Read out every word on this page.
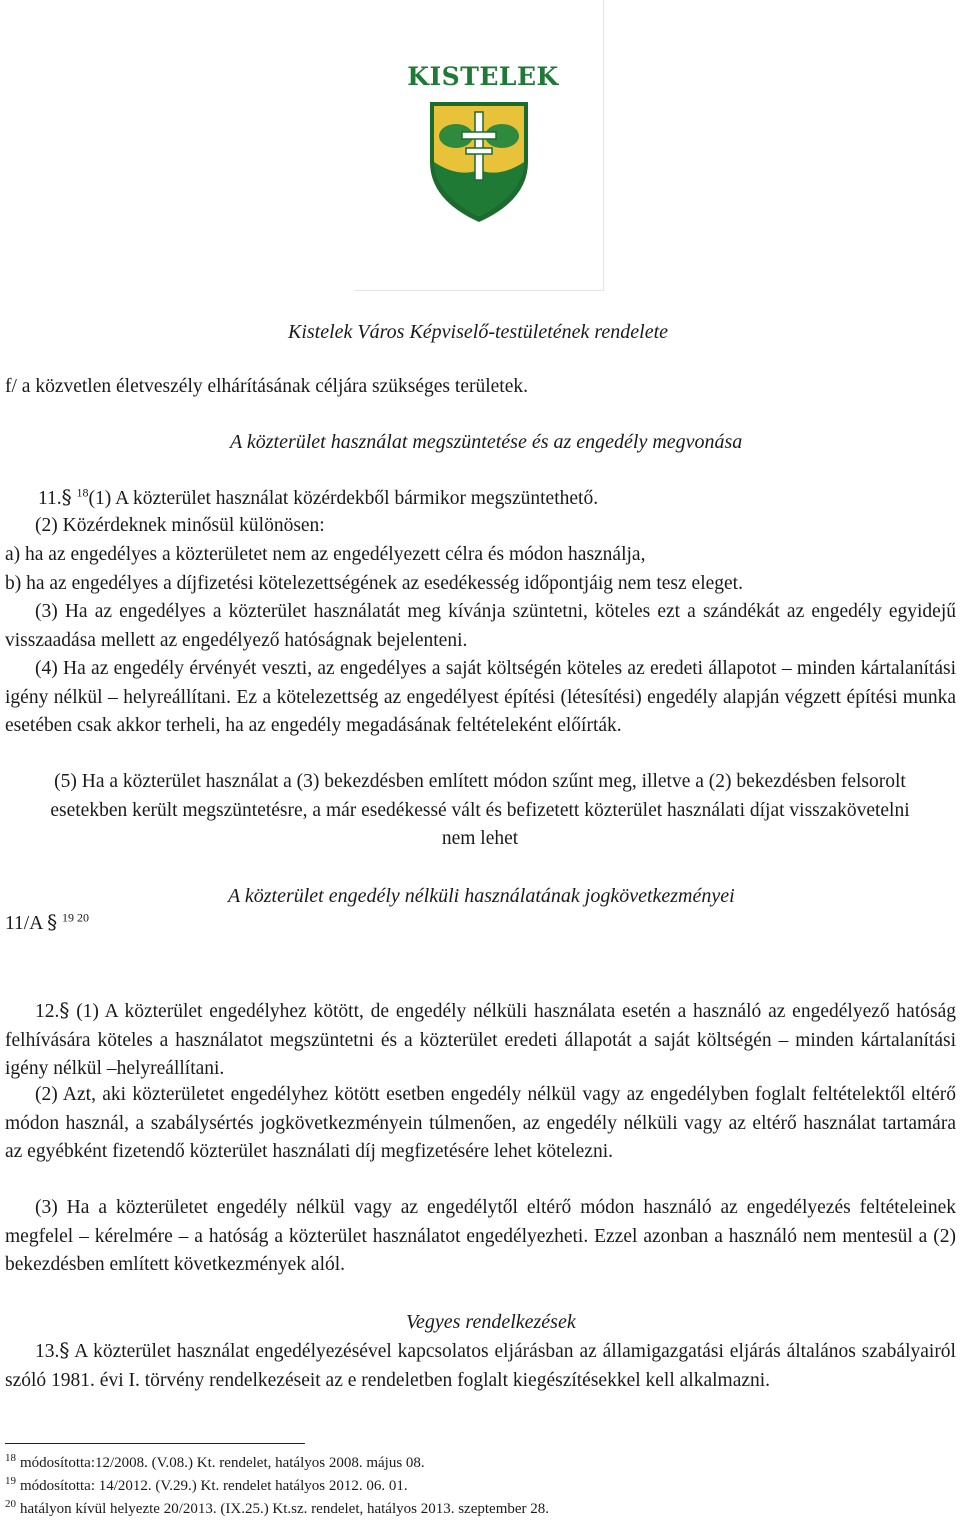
KISTELEK
Kistelek Város Képviselő-testületének rendelete
f/ a közvetlen életveszély elhárításának céljára szükséges területek.
A közterület használat megszüntetése és az engedély megvonása
11.§ $^{18}$(1) A közterület használat közérdekből bármikor megszüntethető.
(2) Közérdeknek minősül különösen:
a) ha az engedélyes a közterületet nem az engedélyezett célra és módon használja,
b) ha az engedélyes a díjfizetési kötelezettségének az esedékesség időpontjáig nem tesz eleget.

(3) Ha az engedélyes a közterület használatát meg kívánja szüntetni, köteles ezt a szándékát az engedély egyidejű visszaadása mellett az engedélyező hatóságnak bejelenteni.

(4) Ha az engedély érvényét veszti, az engedélyes a saját költségén köteles az eredeti állapotot – minden kártalanítási igény nélkül – helyreállítani. Ez a kötelezettség az engedélyest építési (létesítési) engedély alapján végzett építési munka esetében csak akkor terheli, ha az engedély megadásának feltételeként előírták.

(5) Ha a közterület használat a (3) bekezdésben említett módon szűnt meg, illetve a (2) bekezdésben felsorolt esetekben került megszüntetésre, a már esedékessé vált és befizetett közterület használati díjat visszakövetelni nem lehet

11/A § $^{19 20}$
A közterület engedély nélküli használatának jogkövetkezményei

12.§ (1) A közterület engedélyhez kötött, de engedély nélküli használata esetén a használó az engedélyező hatóság felhívására köteles a használatot megszüntetni és a közterület eredeti állapotát a saját költségén – minden kártalanítási igény nélkül –helyreállítani.

(2) Azt, aki közterületet engedélyhez kötött esetben engedély nélkül vagy az engedélyben foglalt feltételektől eltérő módon használ, a szabálysértés jogkövetkezményein túlmenően, az engedély nélküli vagy az eltérő használat tartamára az egyébként fizetendő közterület használati díj megfizetésére lehet kötelezni.

(3) Ha a közterületet engedély nélkül vagy az engedélytől eltérő módon használó az engedélyezés feltételeinek megfelel – kérelmére – a hatóság a közterület használatot engedélyezheti. Ezzel azonban a használó nem mentesül a (2) bekezdésben említett következmények alól.

Vegyes rendelkezések

13.§ A közterület használat engedélyezésével kapcsolatos eljárásban az államigazgatási eljárás általános szabályairól szóló 1981. évi I. törvény rendelkezéseit az e rendeletben foglalt kiegészítésekkel kell alkalmazni.

$^{18}$ módosította:12/2008. (V.08.) Kt. rendelet, hatályos 2008. május 08.
$^{19}$ módosította: 14/2012. (V.29.) Kt. rendelet hatályos 2012. 06. 01.
$^{20}$ hatályon kívül helyezte 20/2013. (IX.25.) Kt.sz. rendelet, hatályos 2013. szeptember 28.
